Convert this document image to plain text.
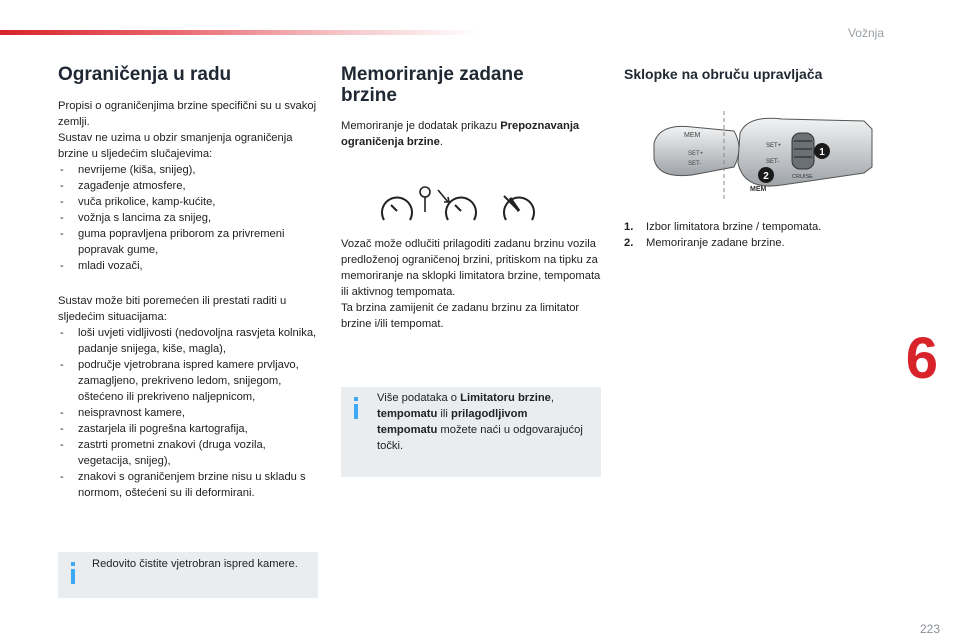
Vožnja
6
Ograničenja u radu

Propisi o ograničenjima brzine specifični su u svakoj zemlji.

Sustav ne uzima u obzir smanjenja ograničenja brzine u sljedećim slučajevima:

- nevrijeme (kiša, snijeg),
- zagađenje atmosfere,
- vuča prikolice, kamp-kućite,
- vožnja s lancima za snijeg,
- guma popravljena priborom za privremeni popravak gume,
- mladi vozači,

Sustav može biti poremećen ili prestati raditi u sljedećim situacijama:

- loši uvjeti vidljivosti (nedovoljna rasvjeta kolnika, padanje snijega, kiše, magla),
- područje vjetrobrana ispred kamere prvljavo, zamagljeno, prekriveno ledom, snijegom, oštećeno ili prekriveno naljepnicom,
- neispravnost kamere,
- zastarjela ili pogrešna kartografija,
- zastrti prometni znakovi (druga vozila, vegetacija, snijeg),
- znakovi s ograničenjem brzine nisu u skladu s normom, oštećeni su ili deformirani.
Redovito čistite vjetrobran ispred kamere.
Memoriranje zadane brzine

Memoriranje je dodatak prikazu Prepoznavanja ograničenja brzine.

Vozač može odlučiti prilagoditi zadanu brzinu vozila predloženoj ograničenoj brzini, pritiskom na tipku za memoriranje na sklopki limitatora brzine, tempomata ili aktivnog tempomata.

Ta brzina zamijenit će zadanu brzinu za limitator brzine i/ili tempomat.

Više podataka o Limitatoru brzine, tempomatu ili prilagodljivom tempomatu možete naći u odgovarajućoj točki.
Sklopke na obruču upravljača
MEM
SET+
SET-
SET+
SET-
CRUISE
MEM
1
2
1.	Izbor limitatora brzine / tempomata.
2.	Memoriranje zadane brzine.
223
